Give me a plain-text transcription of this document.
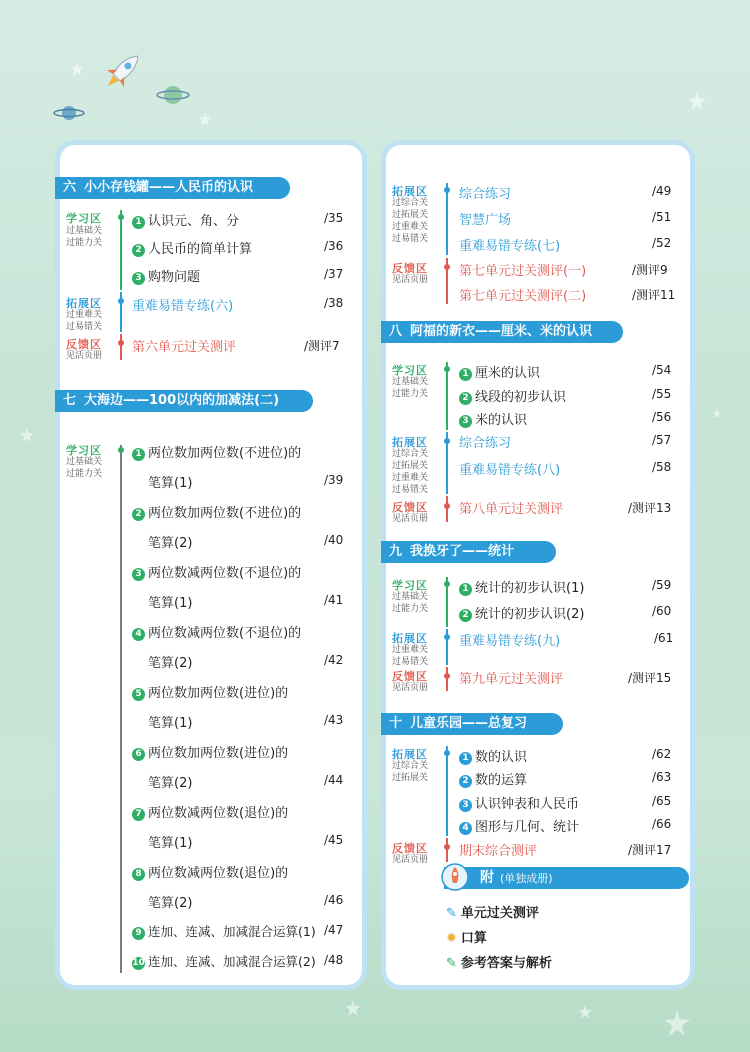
六 小小存钱罐——人民币的认识
学习区
过基础关
过能力关
拓展区
过重难关
过易错关
反馈区
见活页册
1 认识元、角、分	/35
2 人民币的简单计算	/36
3 购物问题	/37
重难易错专练(六)	/38
第六单元过关测评	/测评7
七 大海边——100以内的加减法(二)
学习区
过基础关
过能力关
1 两位数加两位数(不进位)的
笔算(1)	/39
2 两位数加两位数(不进位)的
笔算(2)	/40
3 两位数减两位数(不退位)的
笔算(1)	/41
4 两位数减两位数(不退位)的
笔算(2)	/42
5 两位数加两位数(进位)的
笔算(1)	/43
6 两位数加两位数(进位)的
笔算(2)	/44
7 两位数减两位数(退位)的
笔算(1)	/45
8 两位数减两位数(退位)的
笔算(2)	/46
9 连加、连减、加减混合运算(1) /47
10 连加、连减、加减混合运算(2) /48
拓展区
过综合关
过拓展关
过重难关
过易错关
反馈区
见活页册
综合练习	/49
智慧广场	/51
重难易错专练(七)	/52
第七单元过关测评(一)	/测评9
第七单元过关测评(二)	/测评11
八 阿福的新衣——厘米、米的认识
学习区
过基础关
过能力关
拓展区
过综合关
过拓展关
过重难关
过易错关
反馈区
见活页册
1 厘米的认识	/54
2 线段的初步认识	/55
3 米的认识	/56
综合练习	/57
重难易错专练(八)	/58
第八单元过关测评	/测评13
九 我换牙了——统计
学习区
过基础关
过能力关
拓展区
过重难关
过易错关
反馈区
见活页册
1 统计的初步认识(1)	/59
2 统计的初步认识(2)	/60
重难易错专练(九)	/61
第九单元过关测评	/测评15
十 儿童乐园——总复习
拓展区
过综合关
过拓展关
反馈区
见活页册
1 数的认识	/62
2 数的运算	/63
3 认识钟表和人民币	/65
4 图形与几何、统计	/66
期末综合测评	/测评17
附 (单独成册)
✎ 单元过关测评
✹ 口算
✎ 参考答案与解析
